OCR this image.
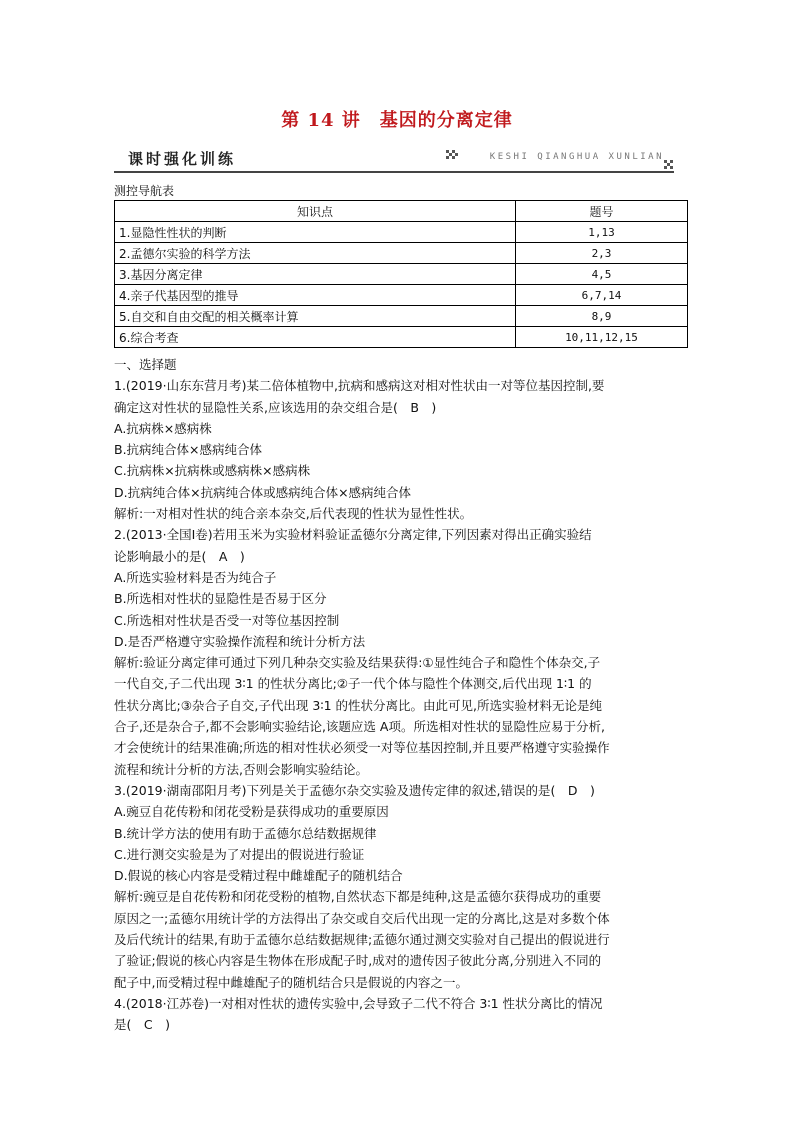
第 14 讲　基因的分离定律
课时强化训练	KESHI QIANGHUA XUNLIAN
测控导航表
知识点	题号
1.显隐性性状的判断	1,13
2.孟德尔实验的科学方法	2,3
3.基因分离定律	4,5
4.亲子代基因型的推导	6,7,14
5.自交和自由交配的相关概率计算	8,9
6.综合考查	10,11,12,15

一、选择题

1.(2019·山东东营月考)某二倍体植物中,抗病和感病这对相对性状由一对等位基因控制,要

确定这对性状的显隐性关系,应该选用的杂交组合是(　B　)

A.抗病株×感病株

B.抗病纯合体×感病纯合体

C.抗病株×抗病株或感病株×感病株

D.抗病纯合体×抗病纯合体或感病纯合体×感病纯合体

解析:一对相对性状的纯合亲本杂交,后代表现的性状为显性性状。

2.(2013·全国Ⅰ卷)若用玉米为实验材料验证孟德尔分离定律,下列因素对得出正确实验结

论影响最小的是(　A　)

A.所选实验材料是否为纯合子

B.所选相对性状的显隐性是否易于区分

C.所选相对性状是否受一对等位基因控制

D.是否严格遵守实验操作流程和统计分析方法

解析:验证分离定律可通过下列几种杂交实验及结果获得:①显性纯合子和隐性个体杂交,子

一代自交,子二代出现 3∶1 的性状分离比;②子一代个体与隐性个体测交,后代出现 1∶1 的

性状分离比;③杂合子自交,子代出现 3∶1 的性状分离比。由此可见,所选实验材料无论是纯

合子,还是杂合子,都不会影响实验结论,该题应选 A项。所选相对性状的显隐性应易于分析,

才会使统计的结果准确;所选的相对性状必须受一对等位基因控制,并且要严格遵守实验操作

流程和统计分析的方法,否则会影响实验结论。

3.(2019·湖南邵阳月考)下列是关于孟德尔杂交实验及遗传定律的叙述,错误的是(　D　)

A.豌豆自花传粉和闭花受粉是获得成功的重要原因

B.统计学方法的使用有助于孟德尔总结数据规律

C.进行测交实验是为了对提出的假说进行验证

D.假说的核心内容是受精过程中雌雄配子的随机结合

解析:豌豆是自花传粉和闭花受粉的植物,自然状态下都是纯种,这是孟德尔获得成功的重要

原因之一;孟德尔用统计学的方法得出了杂交或自交后代出现一定的分离比,这是对多数个体

及后代统计的结果,有助于孟德尔总结数据规律;孟德尔通过测交实验对自己提出的假说进行

了验证;假说的核心内容是生物体在形成配子时,成对的遗传因子彼此分离,分别进入不同的

配子中,而受精过程中雌雄配子的随机结合只是假说的内容之一。

4.(2018·江苏卷)一对相对性状的遗传实验中,会导致子二代不符合 3∶1 性状分离比的情况

是(　C　)
